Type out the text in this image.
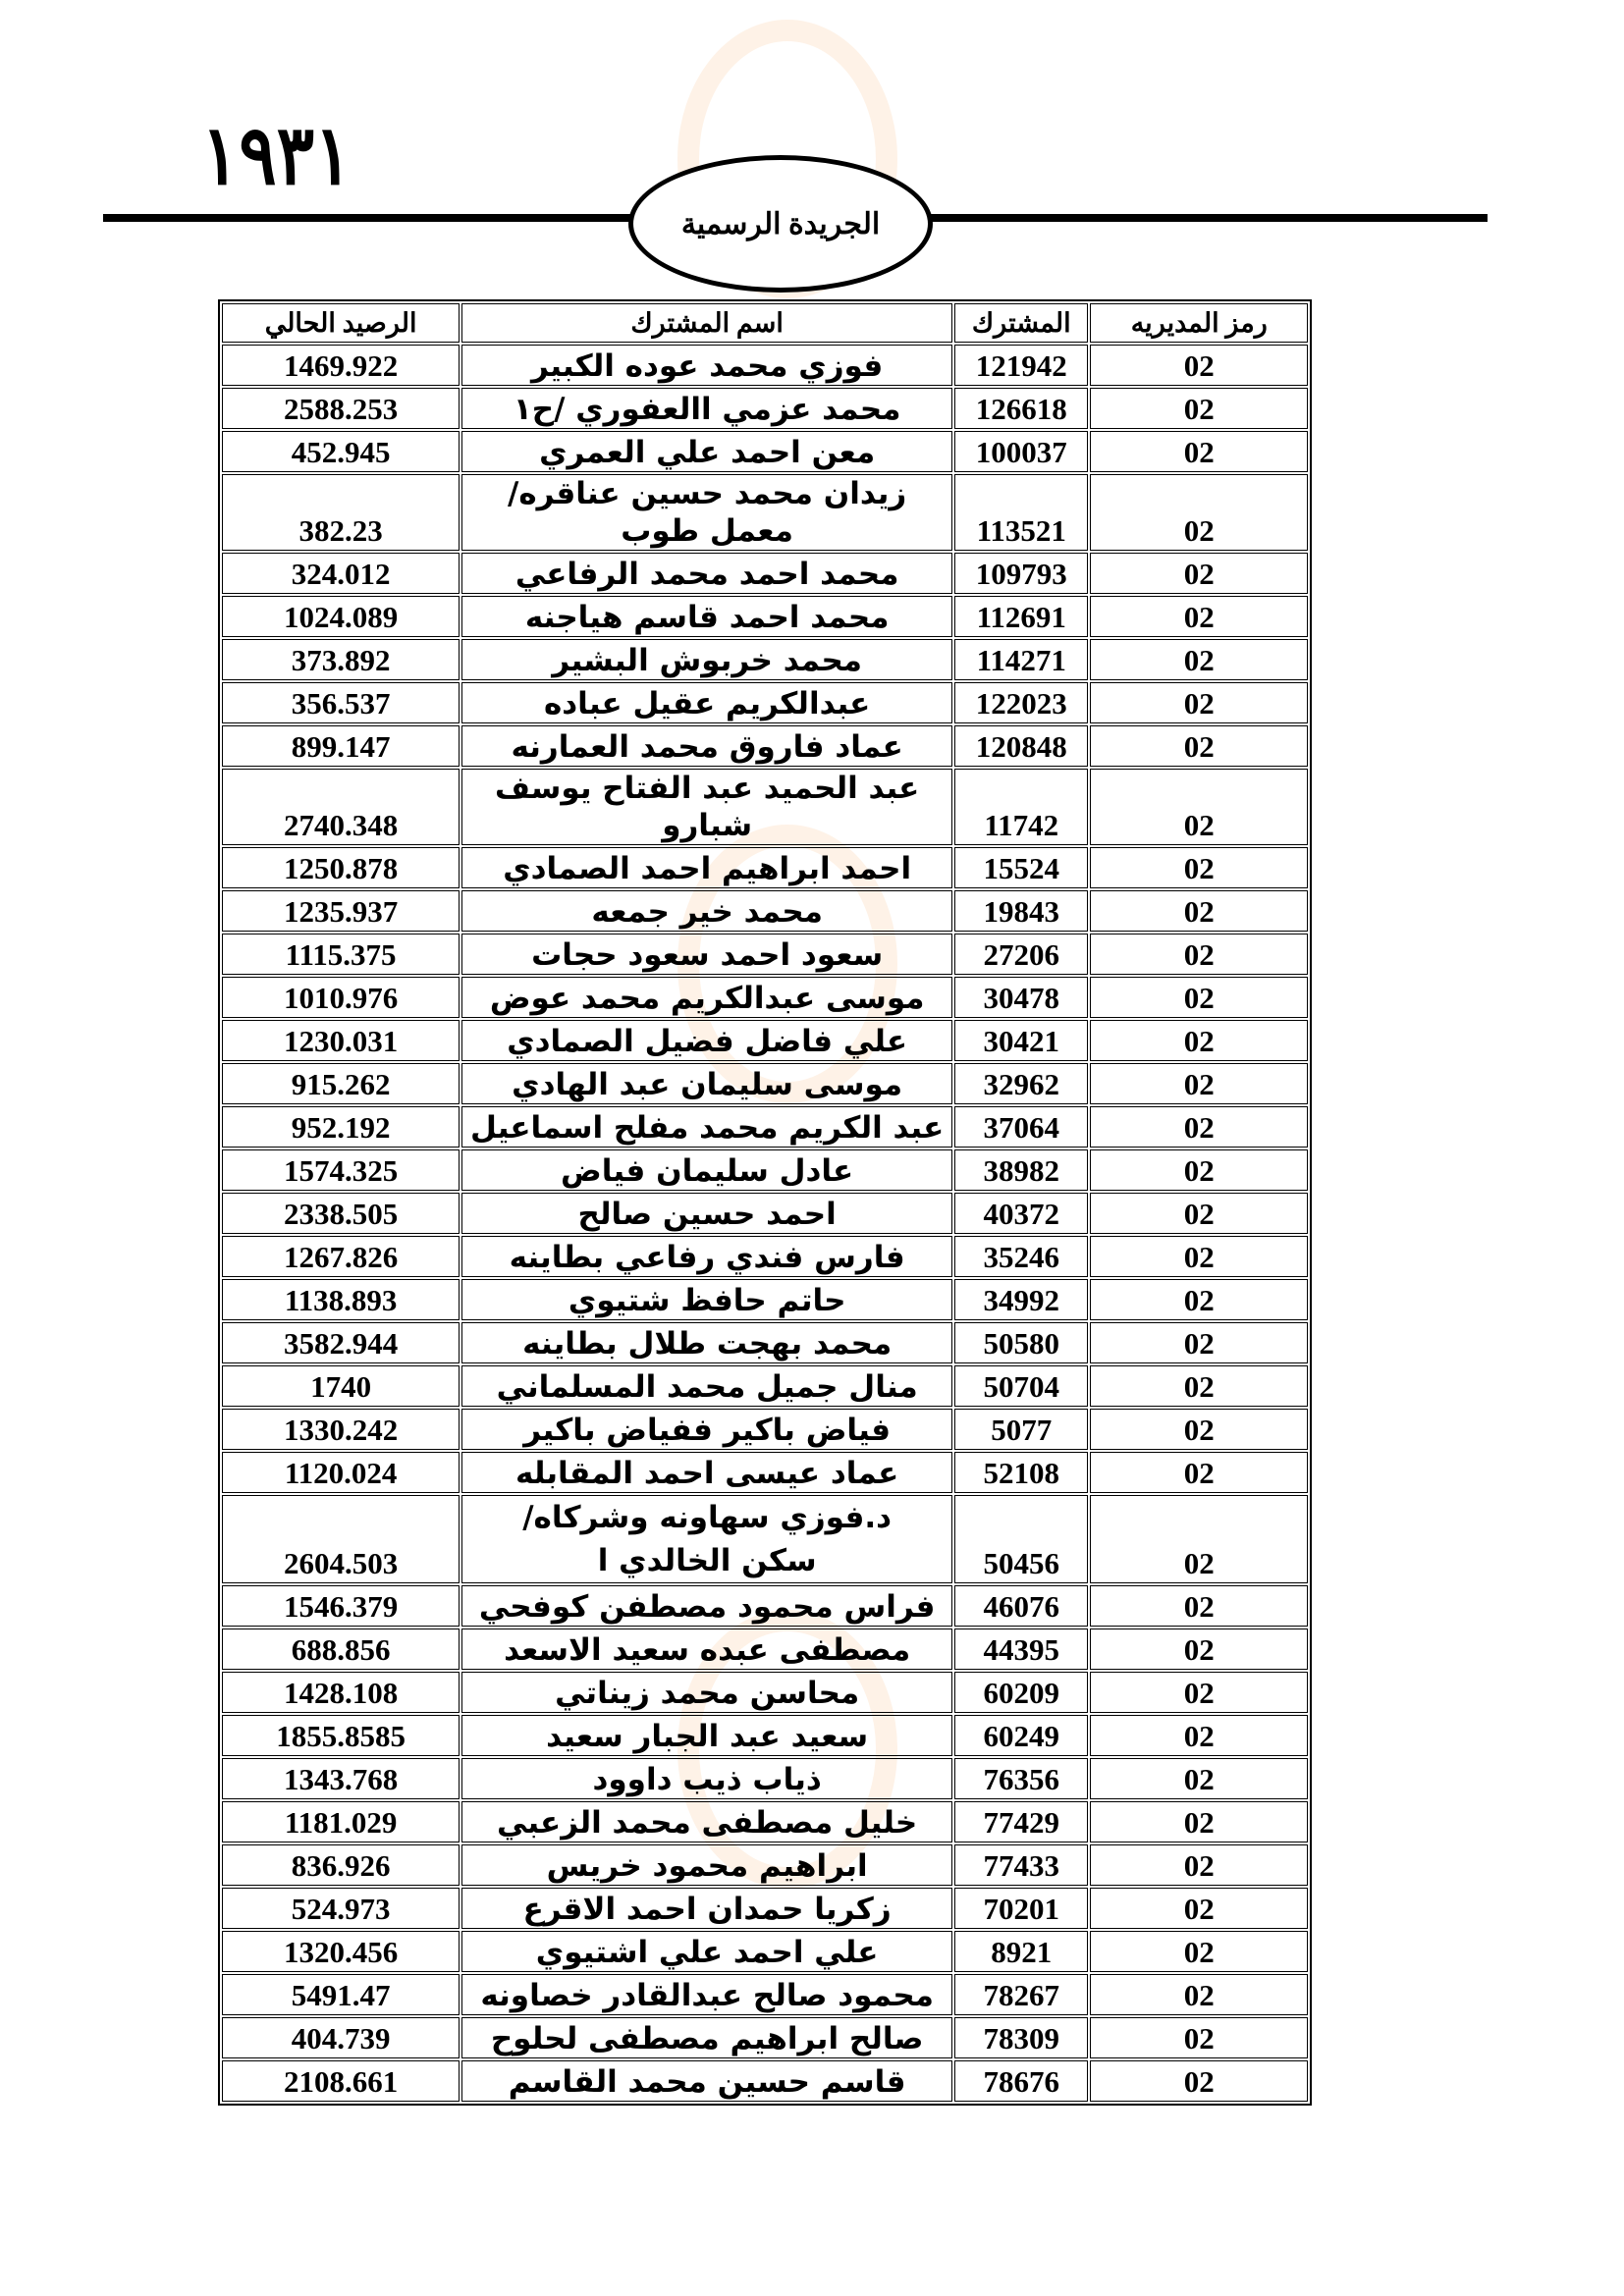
١٩٣١
الجريدة الرسمية
رمز المديريه	المشترك	اسم المشترك	الرصيد الحالي
02	121942	فوزي محمد عوده الكبير	1469.922
02	126618	محمد عزمي االعفوري /ح١	2588.253
02	100037	معن احمد علي العمري	452.945
02	113521	زيدان محمد حسين عناقره/معمل طوب	382.23
02	109793	محمد احمد محمد الرفاعي	324.012
02	112691	محمد احمد قاسم هياجنه	1024.089
02	114271	محمد خربوش البشير	373.892
02	122023	عبدالكريم عقيل عباده	356.537
02	120848	عماد فاروق محمد العمارنه	899.147
02	11742	عبد الحميد عبد الفتاح يوسف شبارو	2740.348
02	15524	احمد ابراهيم احمد الصمادي	1250.878
02	19843	محمد خير جمعه	1235.937
02	27206	سعود احمد سعود حجات	1115.375
02	30478	موسى عبدالكريم محمد عوض	1010.976
02	30421	علي فاضل فضيل الصمادي	1230.031
02	32962	موسى سليمان عبد الهادي	915.262
02	37064	عبد الكريم محمد مفلح اسماعيل	952.192
02	38982	عادل سليمان فياض	1574.325
02	40372	احمد حسين صالح	2338.505
02	35246	فارس فندي رفاعي بطاينه	1267.826
02	34992	حاتم حافظ شتيوي	1138.893
02	50580	محمد بهجت طلال بطاينه	3582.944
02	50704	منال جميل محمد المسلماني	1740
02	5077	فياض باكير ففياض باكير	1330.242
02	52108	عماد عيسى احمد المقابله	1120.024
02	50456	د.فوزي سهاونه وشركاه/سكن الخالدي ا	2604.503
02	46076	فراس محمود مصطفن كوفحي	1546.379
02	44395	مصطفى عبده سعيد الاسعد	688.856
02	60209	محاسن محمد زيناتي	1428.108
02	60249	سعيد عبد الجبار سعيد	1855.8585
02	76356	ذياب ذيب داوود	1343.768
02	77429	خليل مصطفى محمد الزعبي	1181.029
02	77433	ابراهيم محمود خريس	836.926
02	70201	زكريا حمدان احمد الاقرع	524.973
02	8921	علي احمد علي اشتيوي	1320.456
02	78267	محمود صالح عبدالقادر خصاونه	5491.47
02	78309	صالح ابراهيم مصطفى لحلوح	404.739
02	78676	قاسم حسين محمد القاسم	2108.661
